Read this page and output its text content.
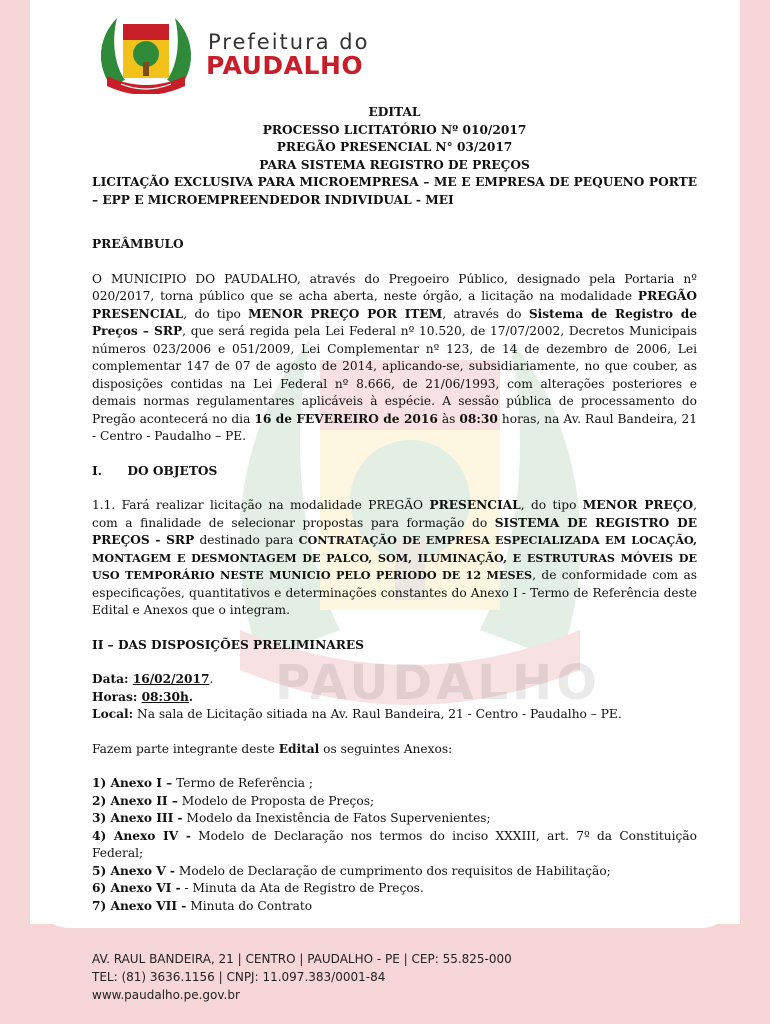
PAUDALHO
Prefeitura do
PAUDALHO

EDITAL

PROCESSO LICITATÓRIO Nº 010/2017

PREGÃO PRESENCIAL N° 03/2017

PARA SISTEMA REGISTRO DE PREÇOS

LICITAÇÃO EXCLUSIVA PARA MICROEMPRESA – ME E EMPRESA DE PEQUENO PORTE – EPP E MICROEMPREENDEDOR INDIVIDUAL - MEI

PREÂMBULO

O MUNICIPIO DO PAUDALHO, através do Pregoeiro Público, designado pela Portaria nº 020/2017, torna público que se acha aberta, neste órgão, a licitação na modalidade PREGÃO PRESENCIAL, do tipo MENOR PREÇO POR ITEM, através do Sistema de Registro de Preços – SRP, que será regida pela Lei Federal nº 10.520, de 17/07/2002, Decretos Municipais números 023/2006 e 051/2009, Lei Complementar nº 123, de 14 de dezembro de 2006, Lei complementar 147 de 07 de agosto de 2014, aplicando-se, subsidiariamente, no que couber, as disposições contidas na Lei Federal nº 8.666, de 21/06/1993, com alterações posteriores e demais normas regulamentares aplicáveis à espécie. A sessão pública de processamento do Pregão acontecerá no dia 16 de FEVEREIRO de 2016 às 08:30 horas, na Av. Raul Bandeira, 21 - Centro - Paudalho – PE.

I. DO OBJETOS

1.1. Fará realizar licitação na modalidade PREGÃO PRESENCIAL, do tipo MENOR PREÇO, com a finalidade de selecionar propostas para formação do SISTEMA DE REGISTRO DE PREÇOS - SRP destinado para CONTRATAÇÃO DE EMPRESA ESPECIALIZADA EM LOCAÇÃO, MONTAGEM E DESMONTAGEM DE PALCO, SOM, ILUMINAÇÃO, E ESTRUTURAS MÓVEIS DE USO TEMPORÁRIO NESTE MUNICIO PELO PERIODO DE 12 MESES, de conformidade com as especificações, quantitativos e determinações constantes do Anexo I - Termo de Referência deste Edital e Anexos que o integram.

II – DAS DISPOSIÇÕES PRELIMINARES

Data: 16/02/2017.

Horas: 08:30h.

Local: Na sala de Licitação sitiada na Av. Raul Bandeira, 21 - Centro - Paudalho – PE.

Fazem parte integrante deste Edital os seguintes Anexos:

1) Anexo I – Termo de Referência ;

2) Anexo II – Modelo de Proposta de Preços;

3) Anexo III - Modelo da Inexistência de Fatos Supervenientes;

4) Anexo IV - Modelo de Declaração nos termos do inciso XXXIII, art. 7º da Constituição Federal;

5) Anexo V - Modelo de Declaração de cumprimento dos requisitos de Habilitação;

6) Anexo VI - - Minuta da Ata de Registro de Preços.

7) Anexo VII - Minuta do Contrato

AV. RAUL BANDEIRA, 21 | CENTRO | PAUDALHO - PE | CEP: 55.825-000
TEL: (81) 3636.1156 | CNPJ: 11.097.383/0001-84
www.paudalho.pe.gov.br
